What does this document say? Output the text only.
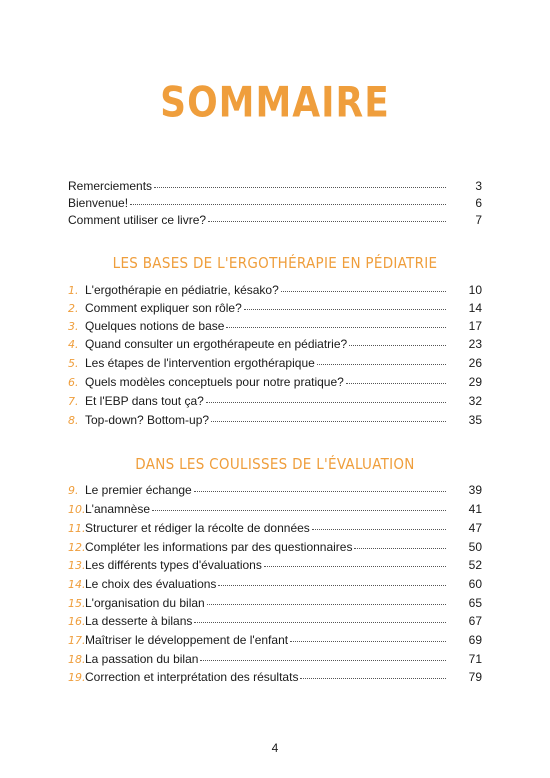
SOMMAIRE
Remerciements	3
Bienvenue!	6
Comment utiliser ce livre?	7
LES BASES DE L'ERGOTHÉRAPIE EN PÉDIATRIE
1. L'ergothérapie en pédiatrie, késako?	10
2. Comment expliquer son rôle?	14
3. Quelques notions de base	17
4. Quand consulter un ergothérapeute en pédiatrie?	23
5. Les étapes de l'intervention ergothérapique	26
6. Quels modèles conceptuels pour notre pratique?	29
7. Et l'EBP dans tout ça?	32
8. Top-down? Bottom-up?	35
DANS LES COULISSES DE L'ÉVALUATION
9. Le premier échange	39
10. L'anamnèse	41
11. Structurer et rédiger la récolte de données	47
12. Compléter les informations par des questionnaires	50
13. Les différents types d'évaluations	52
14. Le choix des évaluations	60
15. L'organisation du bilan	65
16. La desserte à bilans	67
17. Maîtriser le développement de l'enfant	69
18. La passation du bilan	71
19. Correction et interprétation des résultats	79
4
